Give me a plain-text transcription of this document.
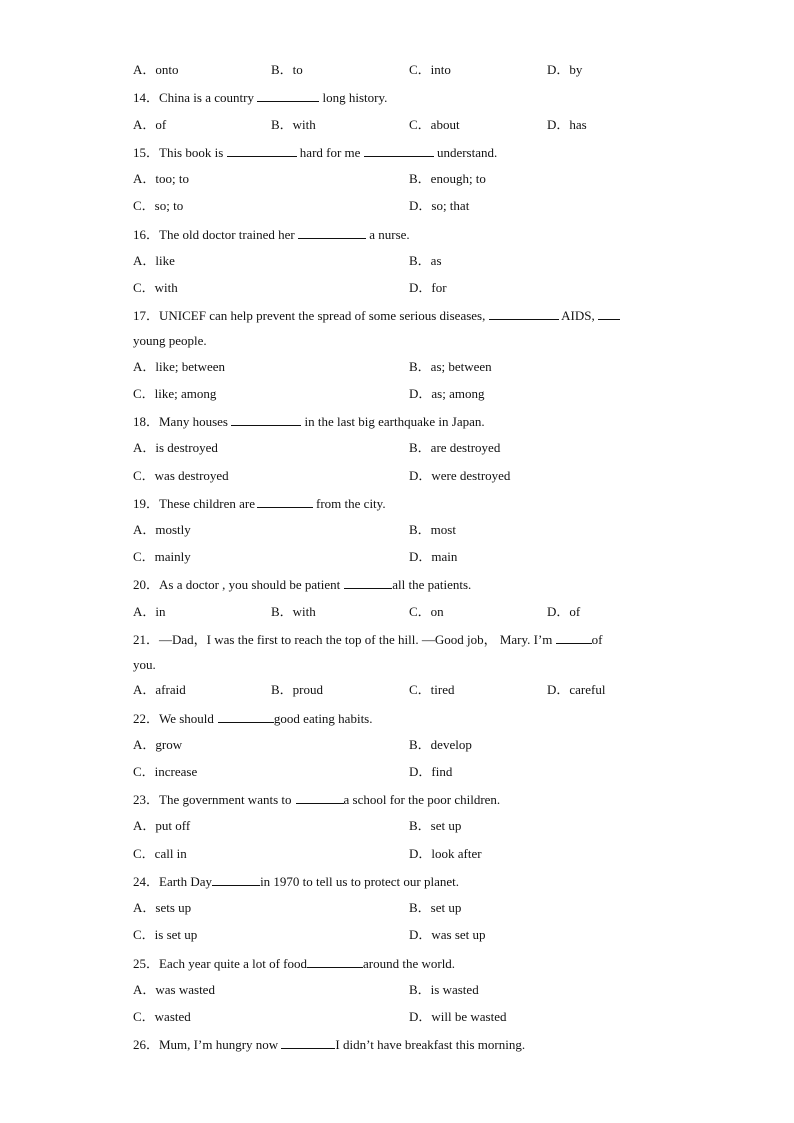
A．onto	B．to	C．into	D．by
14．China is a country	long history.
A．of	B．with	C．about	D．has
15．This book is	hard for me	understand.
A．too; to	B．enough; to
C．so; to	D．so; that
16．The old doctor trained her	a nurse.
A．like	B．as
C．with	D．for
17．UNICEF can help prevent the spread of some serious diseases,	AIDS,
young people.
A．like; between	B．as; between
C．like; among	D．as; among
18．Many houses	in the last big earthquake in Japan.
A．is destroyed	B．are destroyed
C．was destroyed	D．were destroyed
19．These children are	from the city.
A．mostly	B．most
C．mainly	D．main
20．As a doctor , you should be patient	all the patients.
A．in	B．with	C．on	D．of
21．—Dad，I was the first to reach the top of the hill. —Good job， Mary. I’m	of
you.
A．afraid	B．proud	C．tired	D．careful
22．We should	good eating habits.
A．grow	B．develop
C．increase	D．find
23．The government wants to	a school for the poor children.
A．put off	B．set up
C．call in	D．look after
24．Earth Day	in 1970 to tell us to protect our planet.
A．sets up	B．set up
C．is set up	D．was set up
25．Each year quite a lot of food	around the world.
A．was wasted	B．is wasted
C．wasted	D．will be wasted
26．Mum, I’m hungry now	I didn’t have breakfast this morning.
